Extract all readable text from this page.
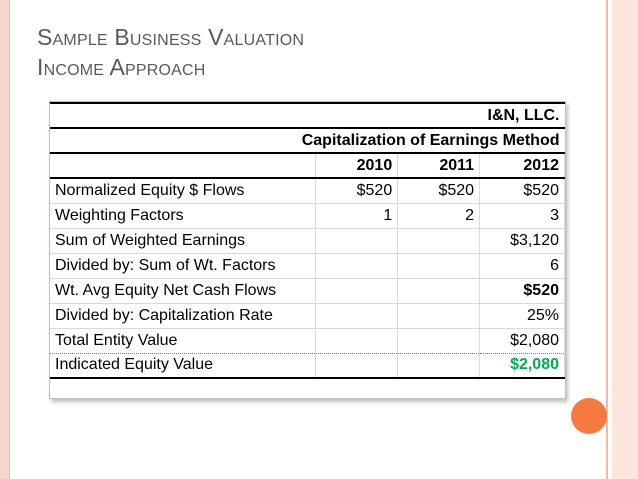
Sample Business Valuation
Income Approach
I&N, LLC.			
Capitalization of Earnings Method			
	2010	2011	2012
Normalized Equity $ Flows	$520	$520	$520
Weighting Factors	1	2	3
Sum of Weighted Earnings			$3,120
Divided by: Sum of Wt. Factors			6
Wt. Avg Equity Net Cash Flows			$520
Divided by: Capitalization Rate			25%
Total Entity Value			$2,080
Indicated Equity Value			$2,080
